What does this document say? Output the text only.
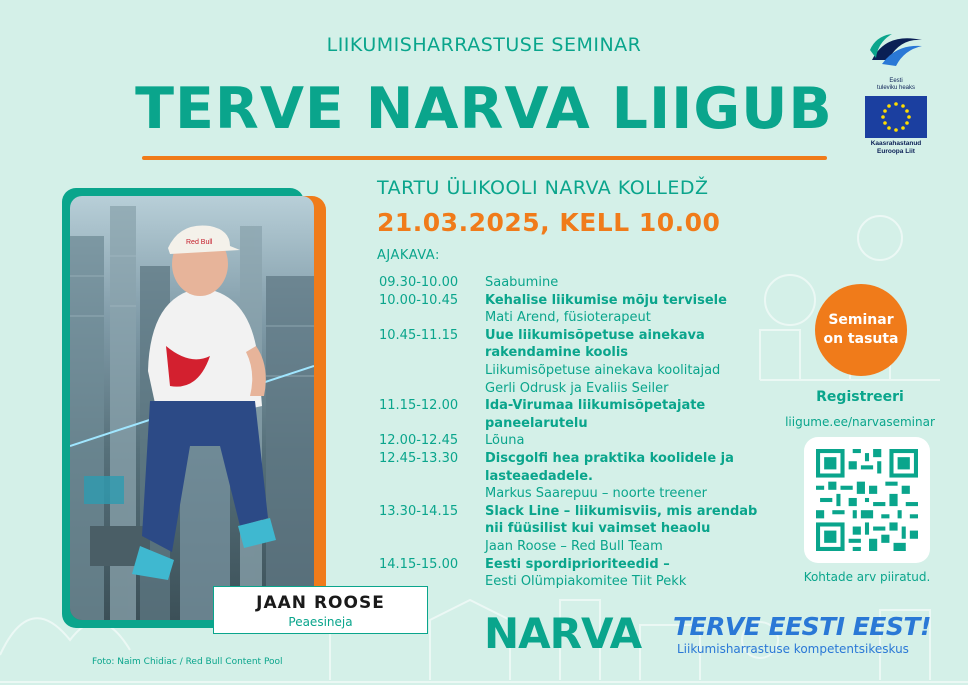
LIIKUMISHARRASTUSE SEMINAR
TERVE NARVA LIIGUB	Eesti
tuleviku heaks
Kaasrahastanud
Euroopa Liit
Red Bull
JAAN ROOSE
Peaesineja
Foto: Naim Chidiac / Red Bull Content Pool
TARTU ÜLIKOOLI NARVA KOLLEDŽ
21.03.2025, KELL 10.00
AJAKAVA:
09.30-10.00	Saabumine
10.00-10.45	Kehalise liikumise mõju tervisele
Mati Arend, füsioterapeut
10.45-11.15	Uue liikumisõpetuse ainekava rakendamine koolis
Liikumisõpetuse ainekava koolitajad
Gerli Odrusk ja Evaliis Seiler
11.15-12.00	Ida-Virumaa liikumisõpetajate paneelarutelu
12.00-12.45	Lõuna
12.45-13.30	Discgolfi hea praktika koolidele ja lasteaedadele.
Markus Saarepuu – noorte treener
13.30-14.15	Slack Line – liikumisviis, mis arendab nii füüsilist kui vaimset heaolu
Jaan Roose – Red Bull Team
14.15-15.00	Eesti spordiprioriteedid –
Eesti Olümpiakomitee Tiit Pekk
Seminar
on tasuta
Registreeri
liigume.ee/narvaseminar
Kohtade arv piiratud.
NARVA TERVE EESTI EEST!
Liikumisharrastuse kompetentsikeskus
